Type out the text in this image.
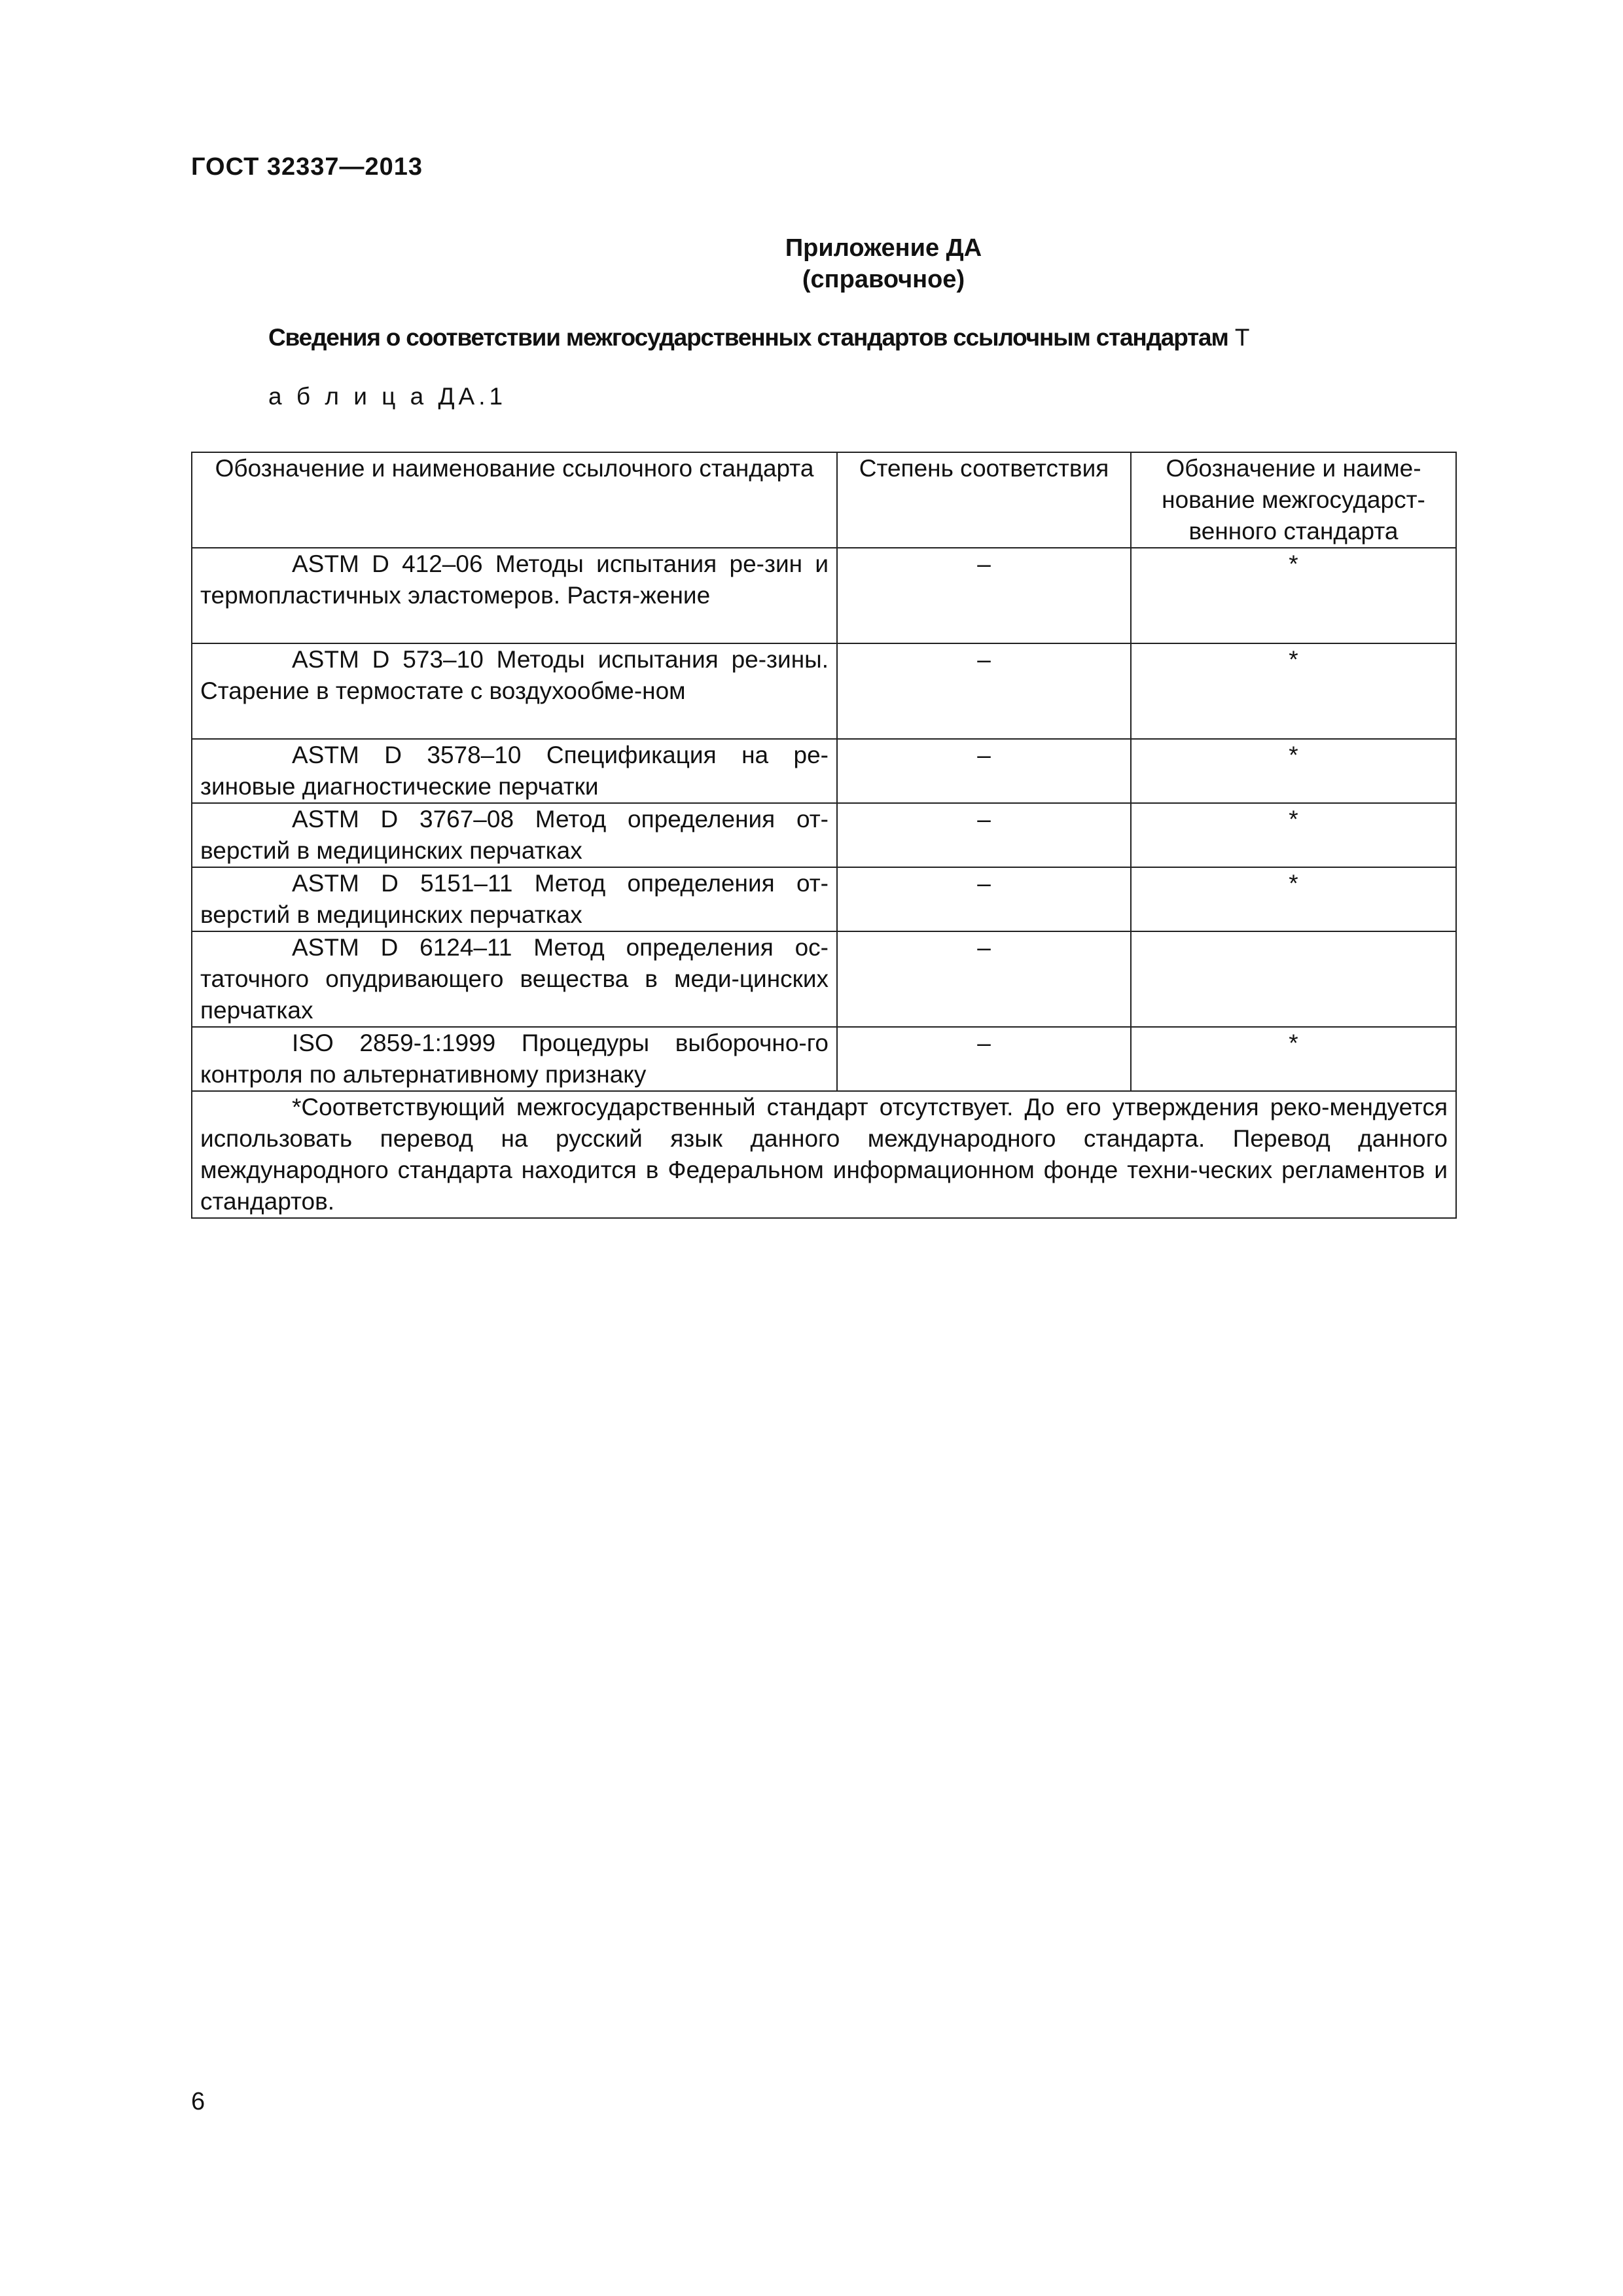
ГОСТ 32337—2013
Приложение ДА
(справочное)
Сведения о соответствии межгосударственных стандартов ссылочным стандартам Т
а б л и ц а ДА.1
Обозначение и наименование ссылочного стандарта	Степень соответствия	Обозначение и наиме-нование межгосударст-венного стандарта
ASTM D 412–06 Методы испытания ре-зин и термопластичных эластомеров. Растя-жение	–	*
ASTM D 573–10 Методы испытания ре-зины. Старение в термостате с воздухообме-ном	–	*
ASTM D 3578–10 Спецификация на ре-зиновые диагностические перчатки	–	*
ASTM D 3767–08 Метод определения от-верстий в медицинских перчатках	–	*
ASTM D 5151–11 Метод определения от-верстий в медицинских перчатках	–	*
ASTM D 6124–11 Метод определения ос-таточного опудривающего вещества в меди-цинских перчатках	–	
ISO 2859-1:1999 Процедуры выборочно-го контроля по альтернативному признаку	–	*
*Соответствующий межгосударственный стандарт отсутствует. До его утверждения реко-мендуется использовать перевод на русский язык данного международного стандарта. Перевод данного международного стандарта находится в Федеральном информационном фонде техни-ческих регламентов и стандартов.		
6
